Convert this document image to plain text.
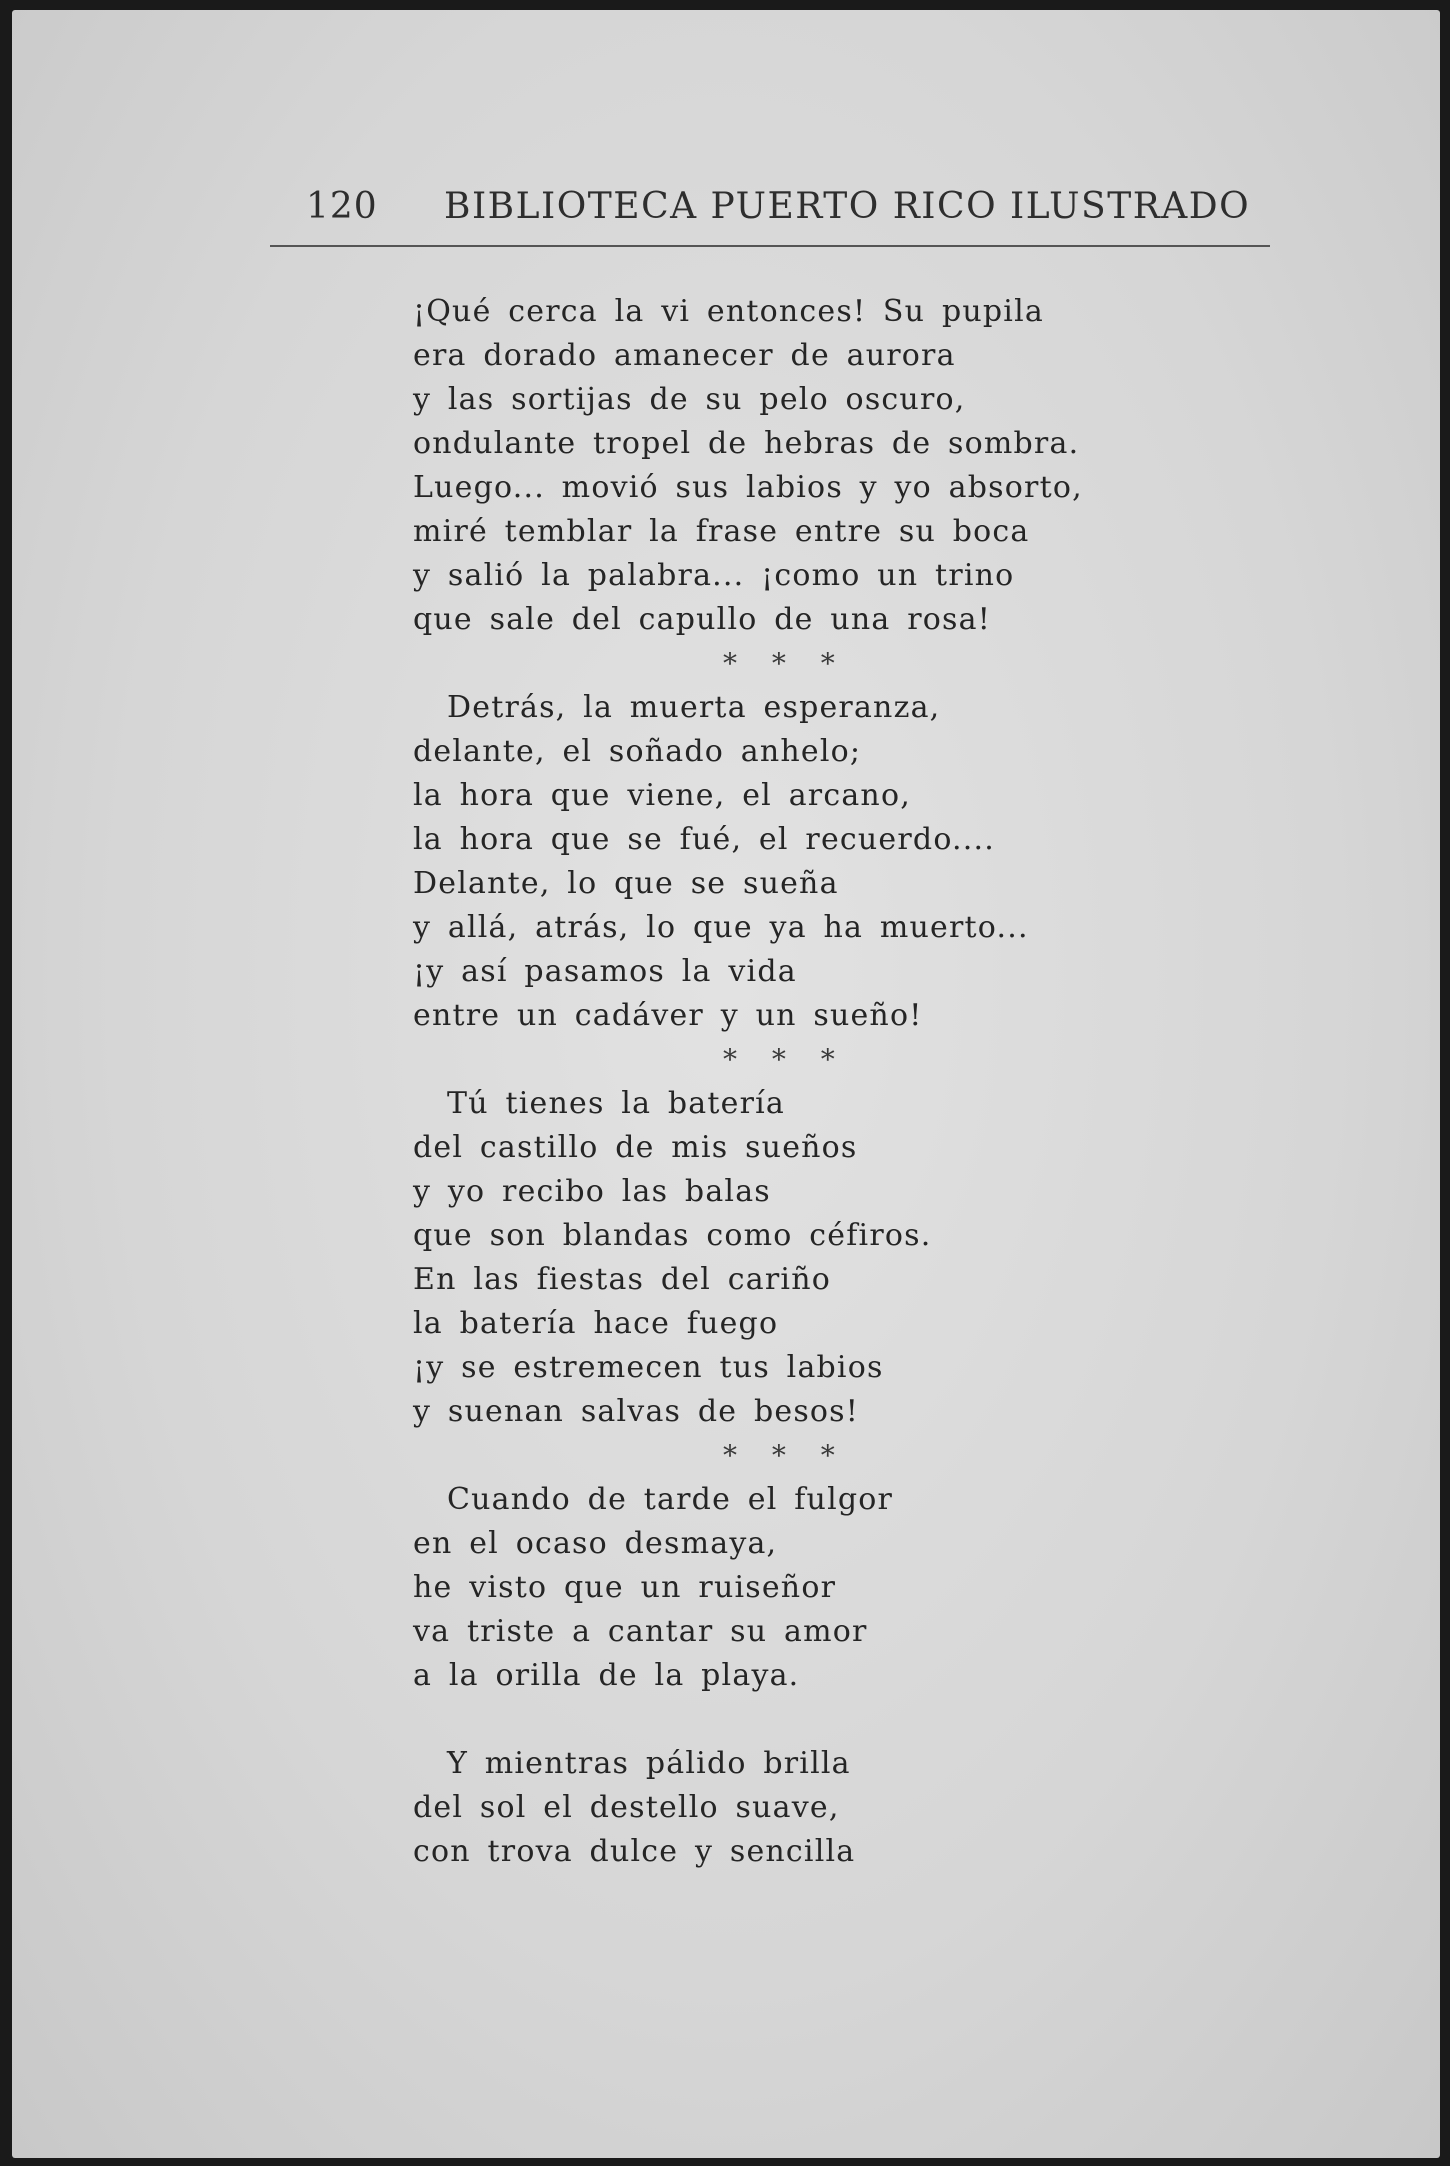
120 BIBLIOTECA PUERTO RICO ILUSTRADO
¡Qué cerca la vi entonces! Su pupila
era dorado amanecer de aurora
y las sortijas de su pelo oscuro,
ondulante tropel de hebras de sombra.
Luego... movió sus labios y yo absorto,
miré temblar la frase entre su boca
y salió la palabra... ¡como un trino
que sale del capullo de una rosa!
* * *
Detrás, la muerta esperanza,
delante, el soñado anhelo;
la hora que viene, el arcano,
la hora que se fué, el recuerdo....
Delante, lo que se sueña
y allá, atrás, lo que ya ha muerto...
¡y así pasamos la vida
entre un cadáver y un sueño!
* * *
Tú tienes la batería
del castillo de mis sueños
y yo recibo las balas
que son blandas como céfiros.
En las fiestas del cariño
la batería hace fuego
¡y se estremecen tus labios
y suenan salvas de besos!
* * *
Cuando de tarde el fulgor
en el ocaso desmaya,
he visto que un ruiseñor
va triste a cantar su amor
a la orilla de la playa.
Y mientras pálido brilla
del sol el destello suave,
con trova dulce y sencilla
